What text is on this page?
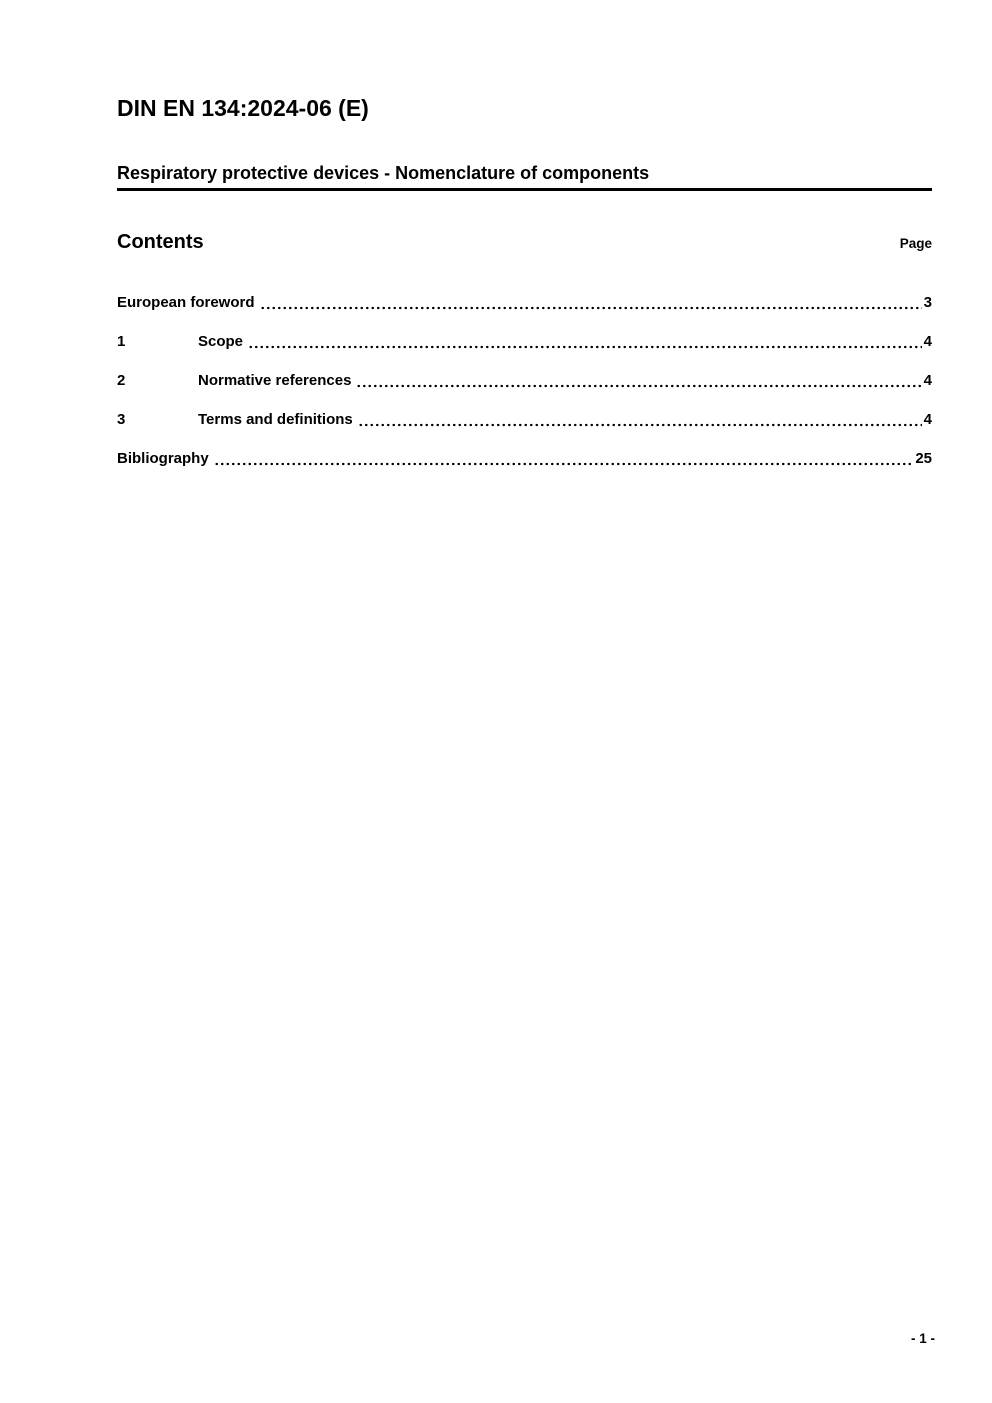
DIN EN 134:2024-06 (E)
Respiratory protective devices - Nomenclature of components
Contents	Page
European foreword	3
1	Scope	4
2	Normative references	4
3	Terms and definitions	4
Bibliography	25
- 1 -
